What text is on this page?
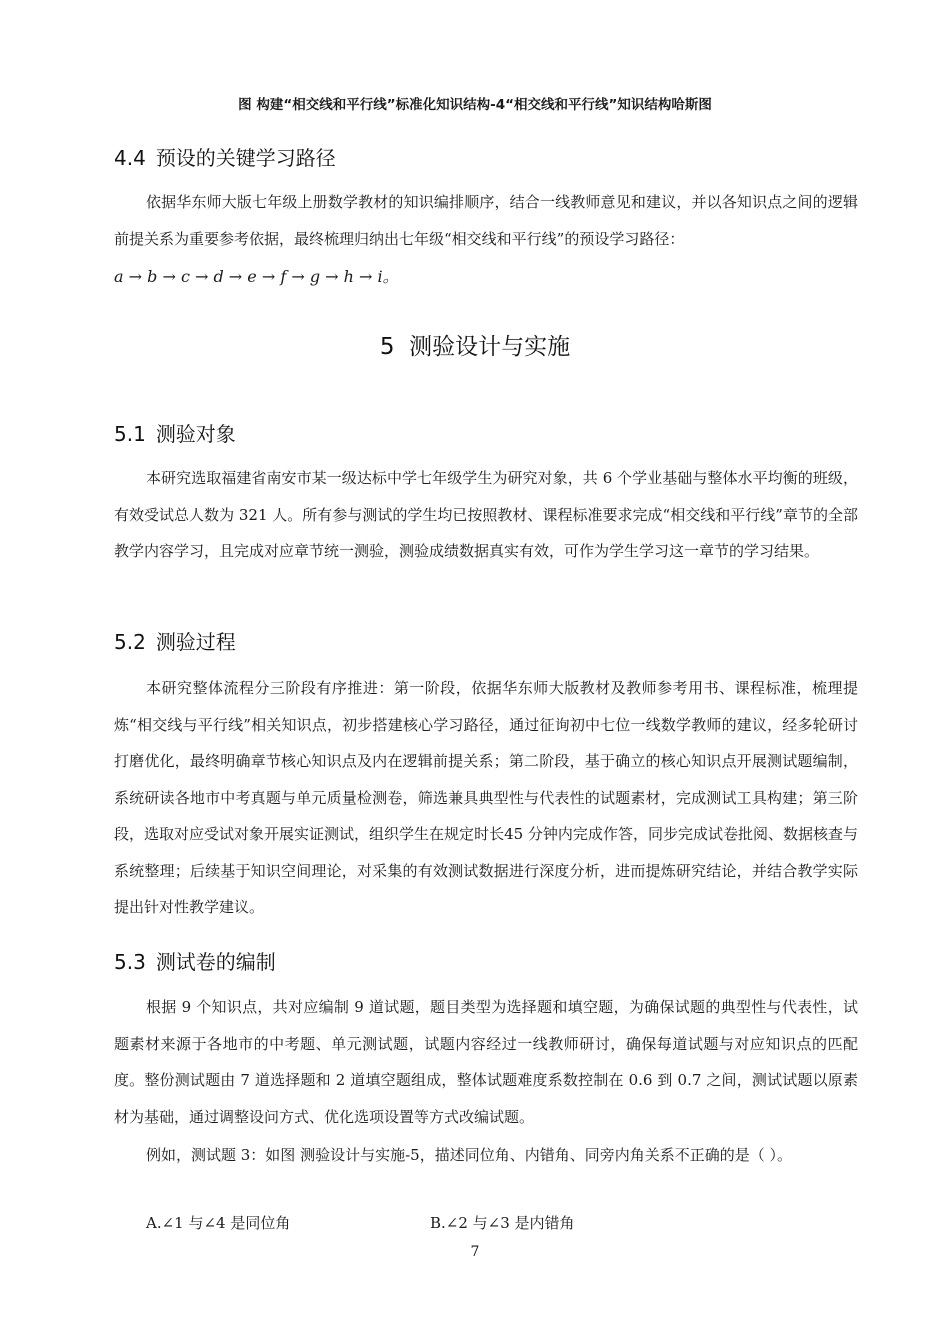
图 构建“相交线和平行线”标准化知识结构-4“相交线和平行线”知识结构哈斯图
4.4 预设的关键学习路径

依据华东师大版七年级上册数学教材的知识编排顺序，结合一线教师意见和建议，并以各知识点之间的逻辑前提关系为重要参考依据，最终梳理归纳出七年级“相交线和平行线”的预设学习路径：

a → b → c → d → e → f → g → h → i。
5 测验设计与实施
5.1 测验对象

本研究选取福建省南安市某一级达标中学七年级学生为研究对象，共 6 个学业基础与整体水平均衡的班级，有效受试总人数为 321 人。所有参与测试的学生均已按照教材、课程标准要求完成“相交线和平行线”章节的全部教学内容学习，且完成对应章节统一测验，测验成绩数据真实有效，可作为学生学习这一章节的学习结果。

5.2 测验过程

本研究整体流程分三阶段有序推进：第一阶段，依据华东师大版教材及教师参考用书、课程标准，梳理提炼“相交线与平行线”相关知识点，初步搭建核心学习路径，通过征询初中七位一线数学教师的建议，经多轮研讨打磨优化，最终明确章节核心知识点及内在逻辑前提关系；第二阶段，基于确立的核心知识点开展测试题编制，系统研读各地市中考真题与单元质量检测卷，筛选兼具典型性与代表性的试题素材，完成测试工具构建；第三阶段，选取对应受试对象开展实证测试，组织学生在规定时长45 分钟内完成作答，同步完成试卷批阅、数据核查与系统整理；后续基于知识空间理论，对采集的有效测试数据进行深度分析，进而提炼研究结论，并结合教学实际提出针对性教学建议。

5.3 测试卷的编制

根据 9 个知识点，共对应编制 9 道试题，题目类型为选择题和填空题，为确保试题的典型性与代表性，试题素材来源于各地市的中考题、单元测试题，试题内容经过一线教师研讨，确保每道试题与对应知识点的匹配度。整份测试题由 7 道选择题和 2 道填空题组成，整体试题难度系数控制在 0.6 到 0.7 之间，测试试题以原素材为基础，通过调整设问方式、优化选项设置等方式改编试题。

例如，测试题 3：如图 测验设计与实施-5，描述同位角、内错角、同旁内角关系不正确的是（ ）。

A.∠1 与∠4 是同位角	B.∠2 与∠3 是内错角
7
